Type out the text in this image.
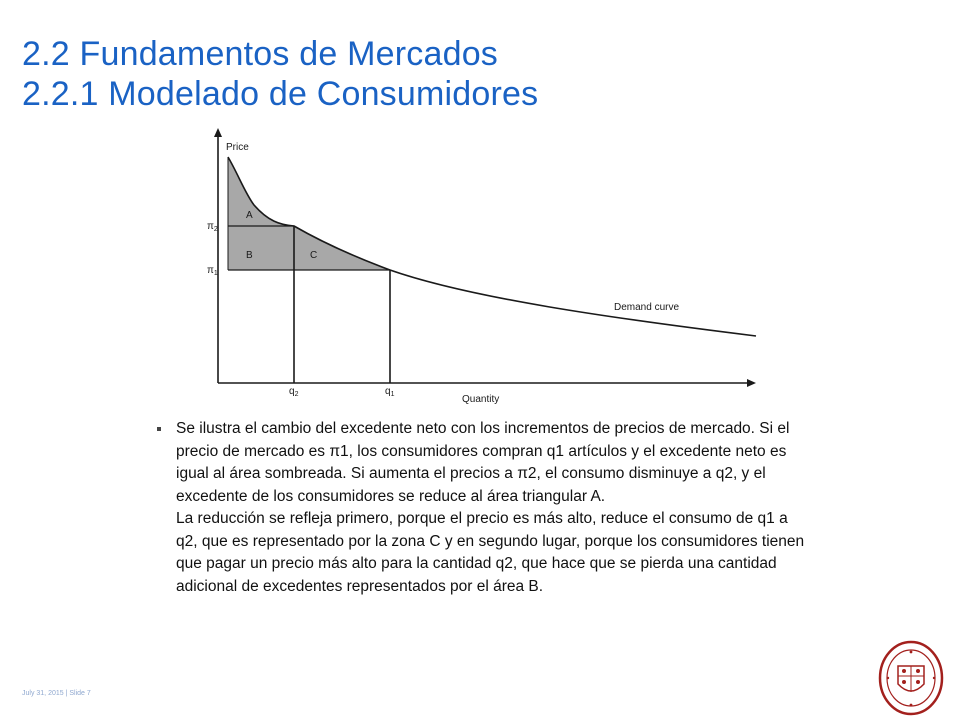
2.2 Fundamentos de Mercados
2.2.1 Modelado de Consumidores
Price
Quantity
Demand curve
$\pi_2$
$\pi_1$
$q_2$	$q_1$
A
B	C
Se ilustra el cambio del excedente neto con los incrementos de precios de mercado. Si el precio de mercado es π1, los consumidores compran q1 artículos y el excedente neto es igual al área sombreada. Si aumenta el precios a π2, el consumo disminuye a q2, y el excedente de los consumidores se reduce al área triangular A.
La reducción se refleja primero, porque el precio es más alto, reduce el consumo de q1 a q2, que es representado por la zona C y en segundo lugar, porque los consumidores tienen que pagar un precio más alto para la cantidad q2, que hace que se pierda una cantidad adicional de excedentes representados por el área B.
July 31, 2015 | Slide 7
